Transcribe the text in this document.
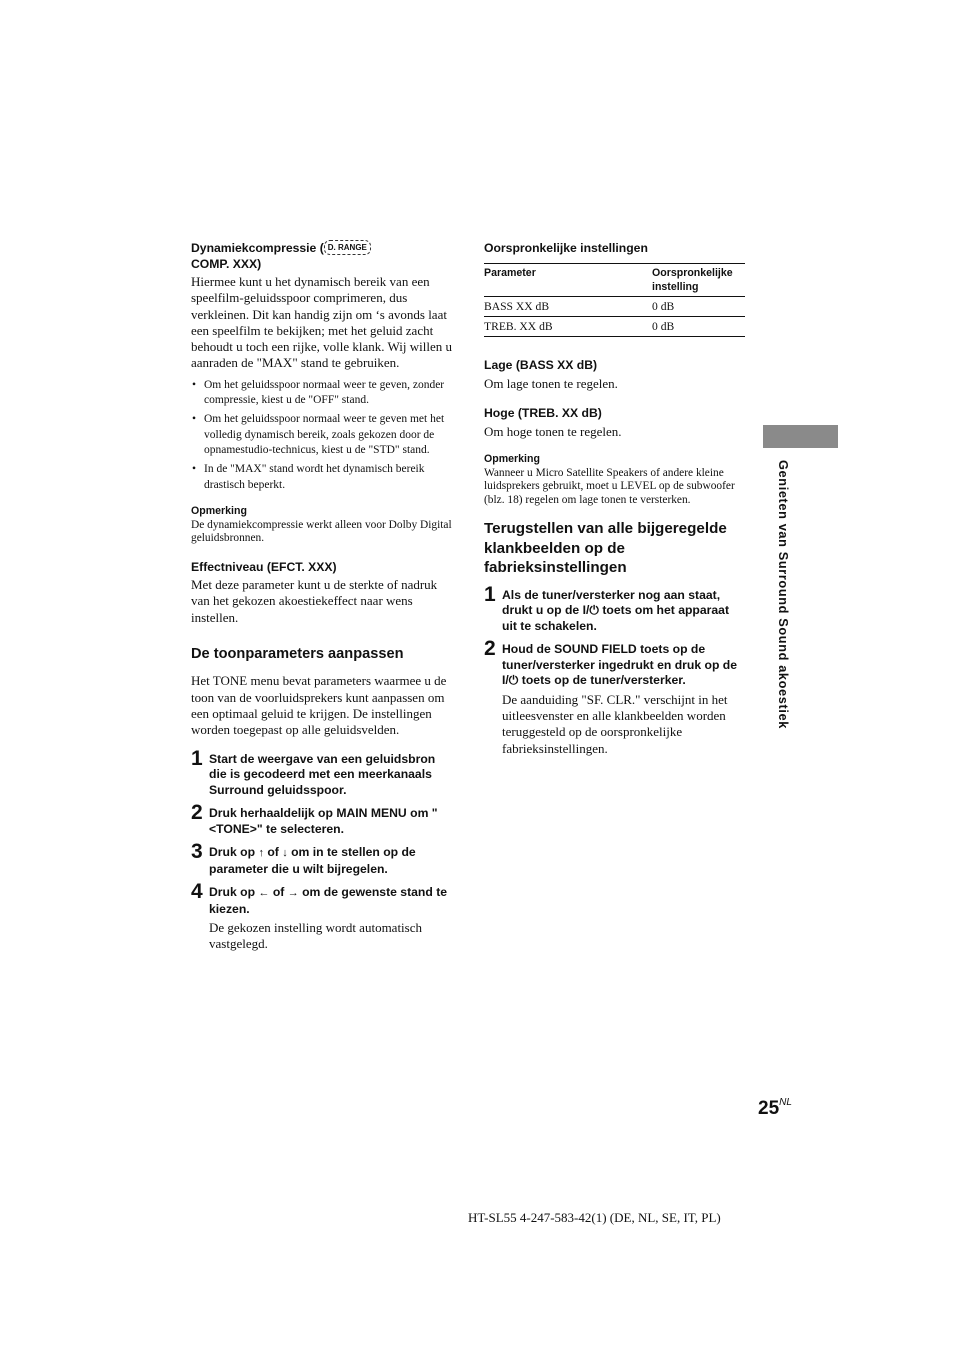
Dynamiekcompressie ( D. RANGE
COMP. XXX)

Hiermee kunt u het dynamisch bereik van een speelfilm-geluidsspoor comprimeren, dus verkleinen. Dit kan handig zijn om ‘s avonds laat een speelfilm te bekijken; met het geluid zacht behoudt u toch een rijke, volle klank. Wij willen u aanraden de "MAX" stand te gebruiken.

• Om het geluidsspoor normaal weer te geven, zonder compressie, kiest u de "OFF" stand.
• Om het geluidsspoor normaal weer te geven met het volledig dynamisch bereik, zoals gekozen door de opnamestudio-technicus, kiest u de "STD" stand.
• In de "MAX" stand wordt het dynamisch bereik drastisch beperkt.

Opmerking

De dynamiekcompressie werkt alleen voor Dolby Digital geluidsbronnen.

Effectniveau (EFCT. XXX)

Met deze parameter kunt u de sterkte of nadruk van het gekozen akoestiekeffect naar wens instellen.

De toonparameters aanpassen

Het TONE menu bevat parameters waarmee u de toon van de voorluidsprekers kunt aanpassen om een optimaal geluid te krijgen. De instellingen worden toegepast op alle geluidsvelden.

1 Start de weergave van een geluidsbron die is gecodeerd met een meerkanaals Surround geluidsspoor.

2 Druk herhaaldelijk op MAIN MENU om "<TONE>" te selecteren.

3 Druk op ↑ of ↓ om in te stellen op de parameter die u wilt bijregelen.

4 Druk op ← of → om de gewenste stand te kiezen.

De gekozen instelling wordt automatisch vastgelegd.

Oorspronkelijke instellingen

Parameter	Oorspronkelijke instelling
BASS XX dB	0 dB
TREB. XX dB	0 dB

Lage (BASS XX dB)

Om lage tonen te regelen.

Hoge (TREB. XX dB)

Om hoge tonen te regelen.

Opmerking

Wanneer u Micro Satellite Speakers of andere kleine luidsprekers gebruikt, moet u LEVEL op de subwoofer (blz. 18) regelen om lage tonen te versterken.

Terugstellen van alle bijgeregelde klankbeelden op de fabrieksinstellingen

1 Als de tuner/versterker nog aan staat, drukt u op de I/⏻ toets om het apparaat uit te schakelen.

2 Houd de SOUND FIELD toets op de tuner/versterker ingedrukt en druk op de I/⏻ toets op de tuner/versterker.

De aanduiding "SF. CLR." verschijnt in het uitleesvenster en alle klankbeelden worden teruggesteld op de oorspronkelijke fabrieksinstellingen.

Genieten van Surround Sound akoestiek
$25^{NL}$
HT-SL55 4-247-583-42(1) (DE, NL, SE, IT, PL)
